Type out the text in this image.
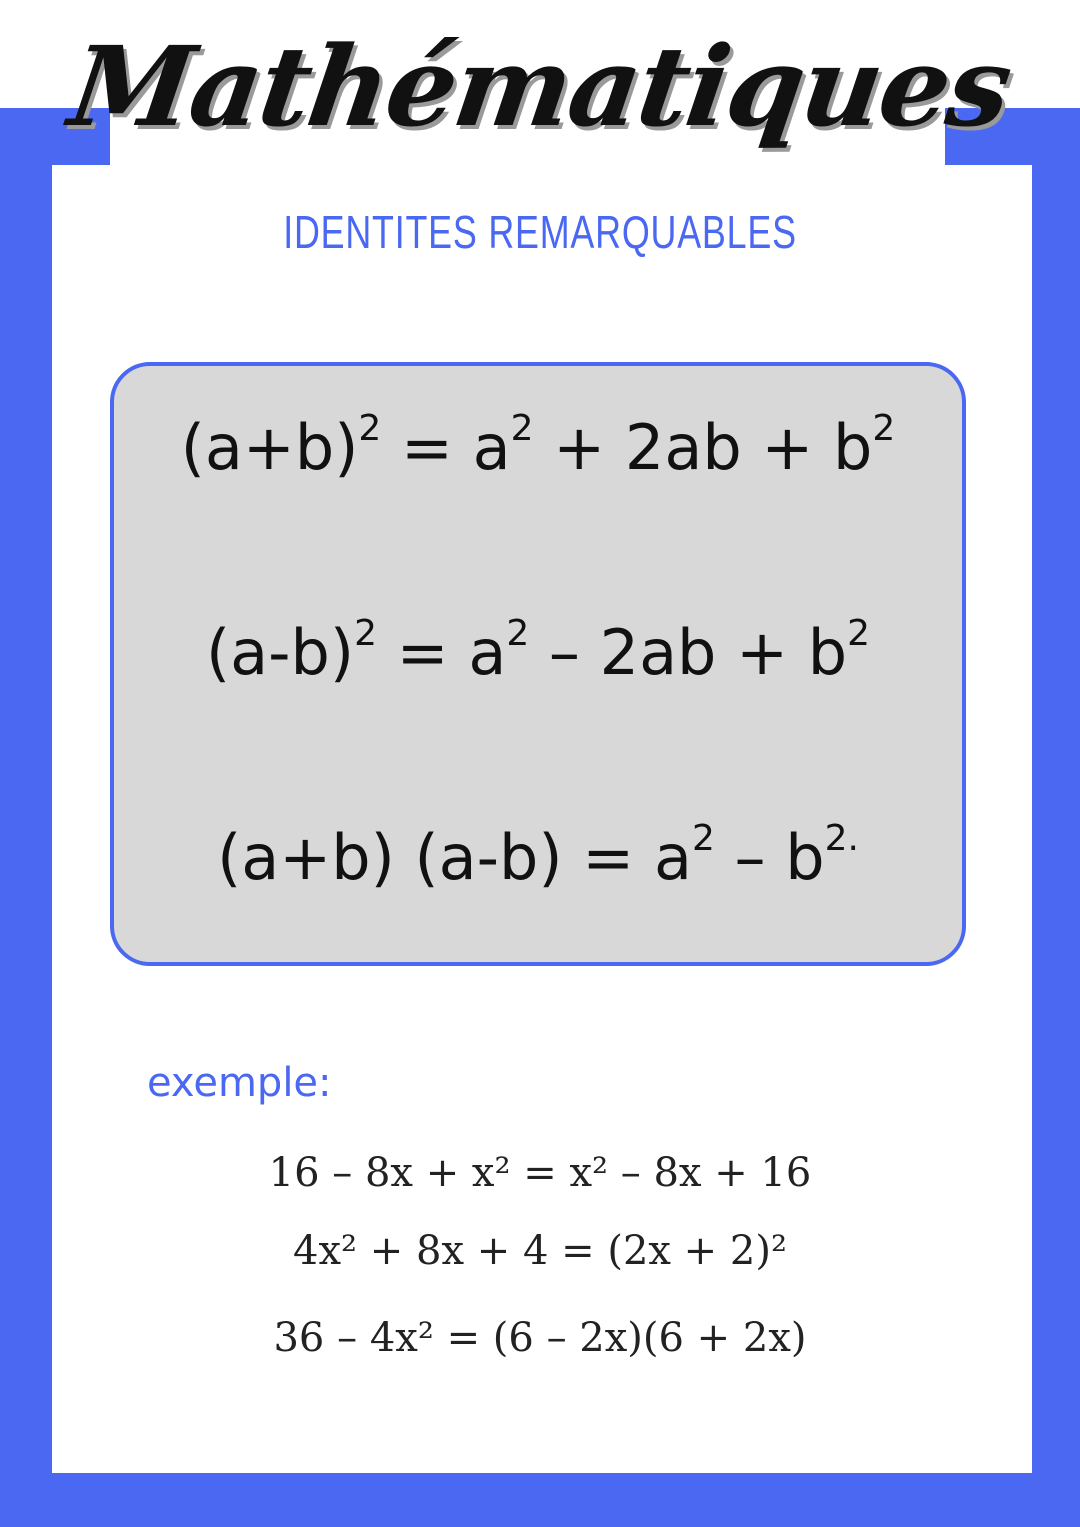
Mathématiques
IDENTITES REMARQUABLES
$(a+b)^2 = a^2 + 2ab + b^2$
$(a-b)^2 = a^2 - 2ab + b^2$
(a+b) $(a-b) = a^2 - b^{2.}$
exemple:
16 – 8x + x² = x² – 8x + 16
4x² + 8x + 4 = (2x + 2)²
36 – 4x² = (6 – 2x)(6 + 2x)
